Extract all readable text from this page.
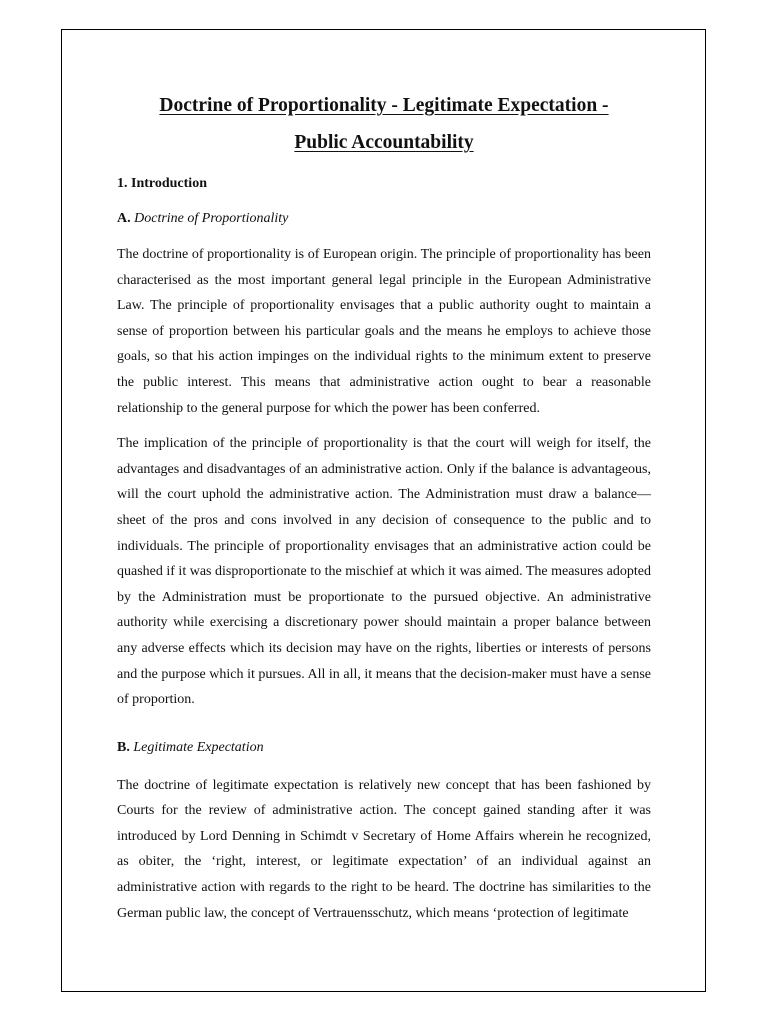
Doctrine of Proportionality - Legitimate Expectation -
Public Accountability

1. Introduction

A. Doctrine of Proportionality

The doctrine of proportionality is of European origin. The principle of proportionality has been characterised as the most important general legal principle in the European Administrative Law. The principle of proportionality envisages that a public authority ought to maintain a sense of proportion between his particular goals and the means he employs to achieve those goals, so that his action impinges on the individual rights to the minimum extent to preserve the public interest. This means that administrative action ought to bear a reasonable relationship to the general purpose for which the power has been conferred.

The implication of the principle of proportionality is that the court will weigh for itself, the advantages and disadvantages of an administrative action. Only if the balance is advantageous, will the court uphold the administrative action. The Administration must draw a balance—sheet of the pros and cons involved in any decision of consequence to the public and to individuals. The principle of proportionality envisages that an administrative action could be quashed if it was disproportionate to the mischief at which it was aimed. The measures adopted by the Administration must be proportionate to the pursued objective. An administrative authority while exercising a discretionary power should maintain a proper balance between any adverse effects which its decision may have on the rights, liberties or interests of persons and the purpose which it pursues. All in all, it means that the decision-maker must have a sense of proportion.

B. Legitimate Expectation

The doctrine of legitimate expectation is relatively new concept that has been fashioned by Courts for the review of administrative action. The concept gained standing after it was introduced by Lord Denning in Schimdt v Secretary of Home Affairs wherein he recognized, as obiter, the ‘right, interest, or legitimate expectation’ of an individual against an administrative action with regards to the right to be heard. The doctrine has similarities to the German public law, the concept of Vertrauensschutz, which means ‘protection of legitimate
